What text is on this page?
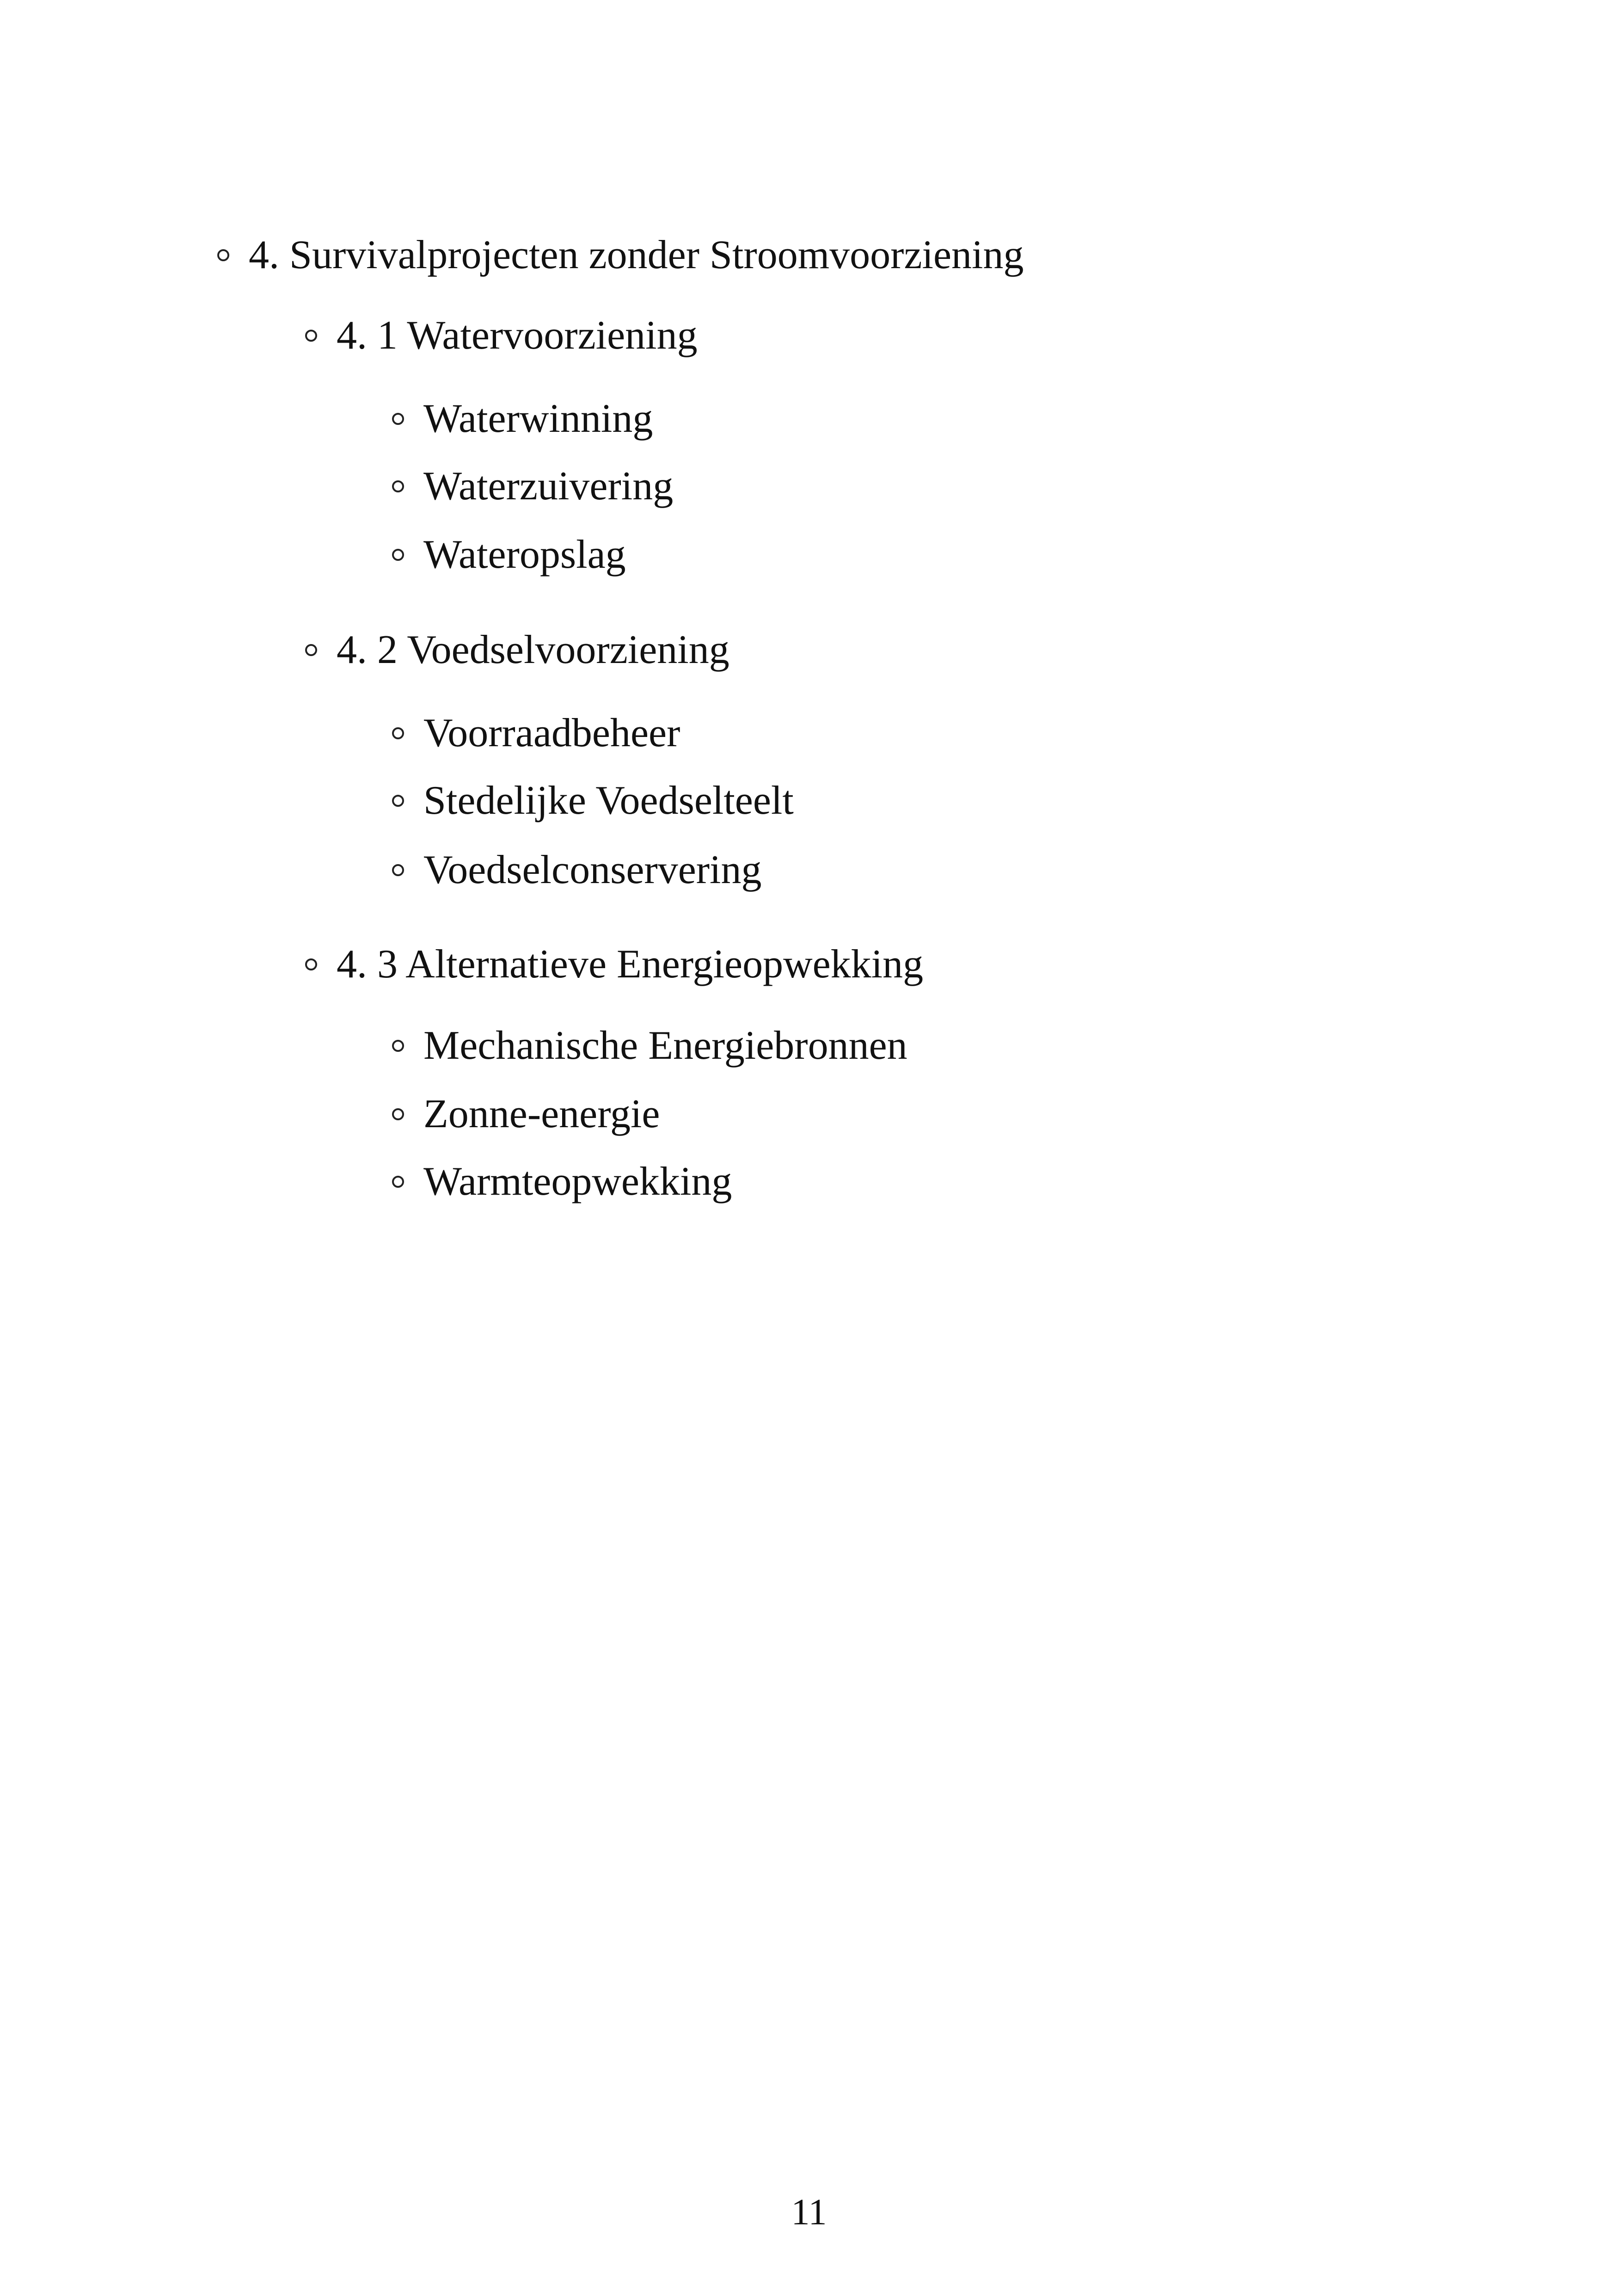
4. Survivalprojecten zonder Stroomvoorziening
4. 1 Watervoorziening
Waterwinning
Waterzuivering
Wateropslag
4. 2 Voedselvoorziening
Voorraadbeheer
Stedelijke Voedselteelt
Voedselconservering
4. 3 Alternatieve Energieopwekking
Mechanische Energiebronnen
Zonne-energie
Warmteopwekking
11
